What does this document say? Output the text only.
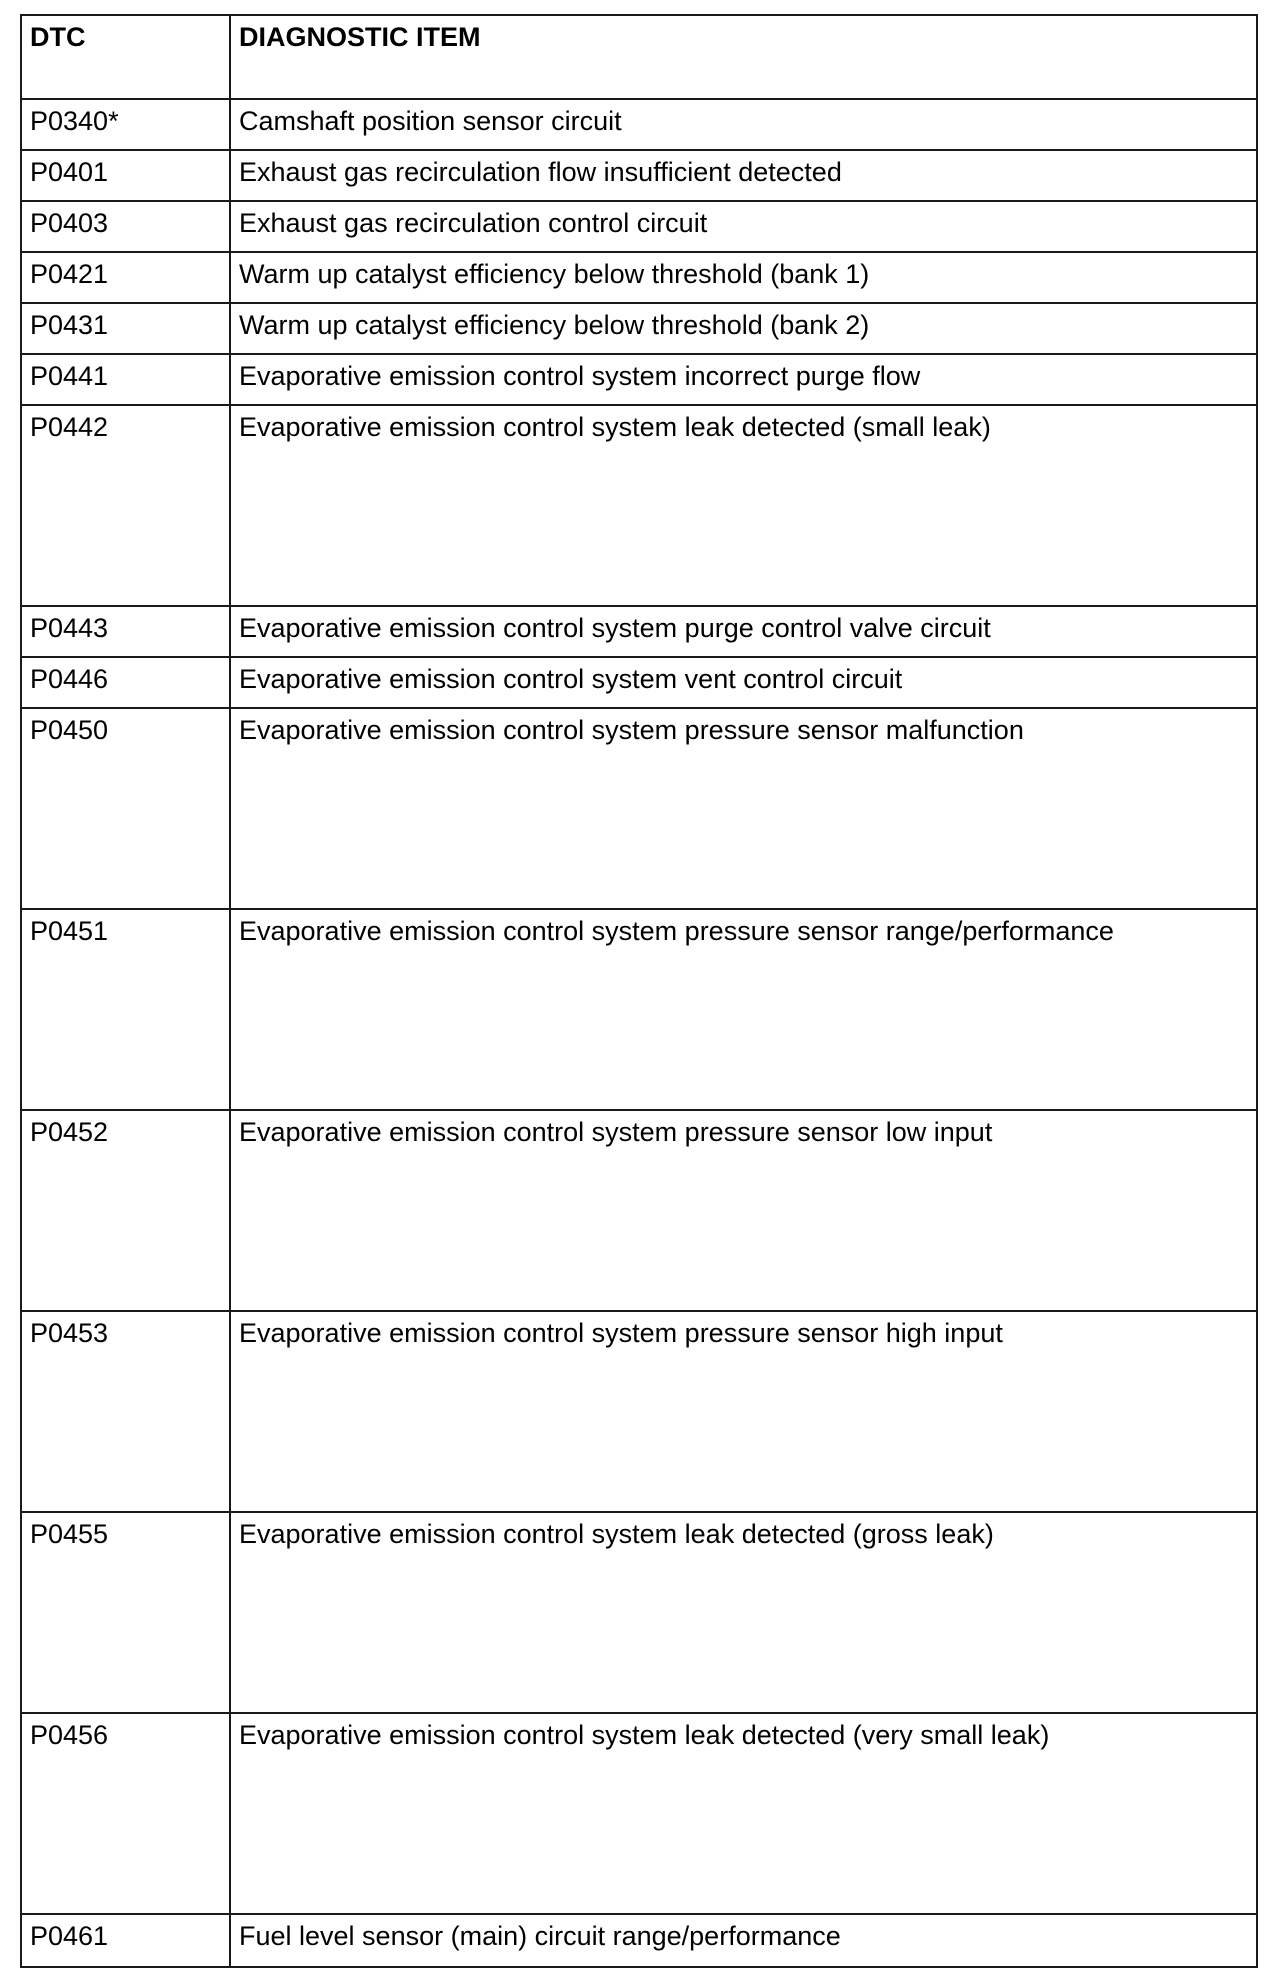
DTC	DIAGNOSTIC ITEM
P0340*	Camshaft position sensor circuit
P0401	Exhaust gas recirculation flow insufficient detected
P0403	Exhaust gas recirculation control circuit
P0421	Warm up catalyst efficiency below threshold (bank 1)
P0431	Warm up catalyst efficiency below threshold (bank 2)
P0441	Evaporative emission control system incorrect purge flow
P0442	Evaporative emission control system leak detected (small leak)
P0443	Evaporative emission control system purge control valve circuit
P0446	Evaporative emission control system vent control circuit
P0450	Evaporative emission control system pressure sensor malfunction
P0451	Evaporative emission control system pressure sensor range/performance
P0452	Evaporative emission control system pressure sensor low input
P0453	Evaporative emission control system pressure sensor high input
P0455	Evaporative emission control system leak detected (gross leak)
P0456	Evaporative emission control system leak detected (very small leak)
P0461	Fuel level sensor (main) circuit range/performance
